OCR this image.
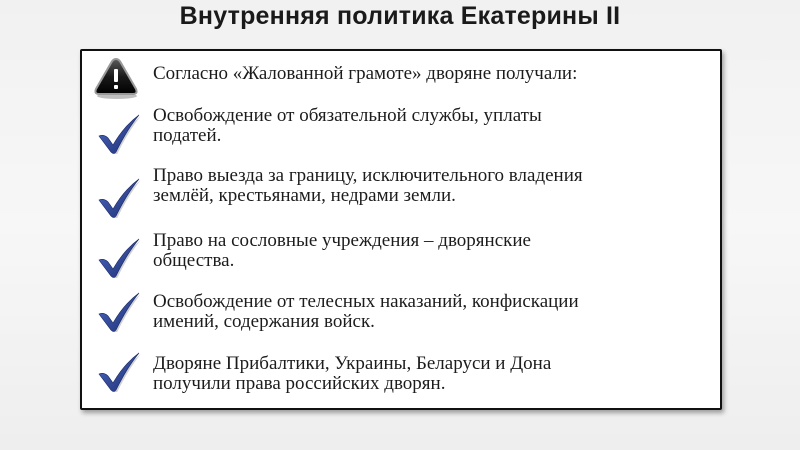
Внутренняя политика Екатерины II
Согласно «Жалованной грамоте» дворяне получали:
Освобождение от обязательной службы, уплаты
податей.
Право выезда за границу, исключительного владения
землёй, крестьянами, недрами земли.
Право на сословные учреждения – дворянские
общества.
Освобождение от телесных наказаний, конфискации
имений, содержания войск.
Дворяне Прибалтики, Украины, Беларуси и Дона
получили права российских дворян.
